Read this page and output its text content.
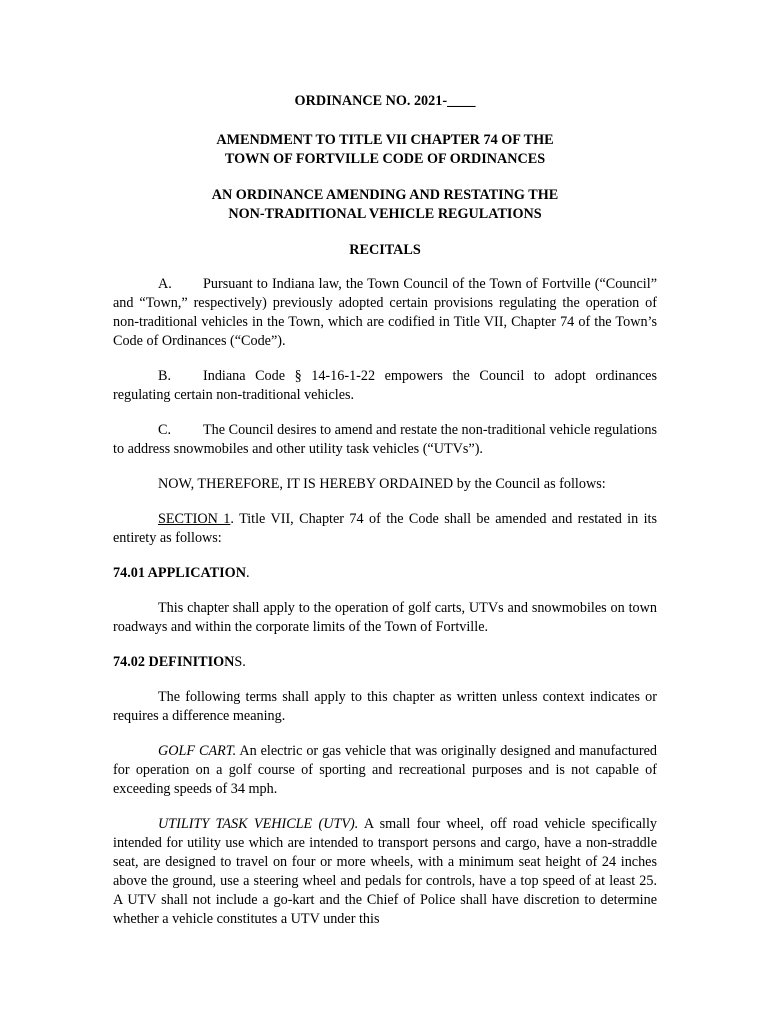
ORDINANCE NO. 2021-____
AMENDMENT TO TITLE VII CHAPTER 74 OF THE
TOWN OF FORTVILLE CODE OF ORDINANCES
AN ORDINANCE AMENDING AND RESTATING THE
NON-TRADITIONAL VEHICLE REGULATIONS
RECITALS

A. Pursuant to Indiana law, the Town Council of the Town of Fortville (“Council” and “Town,” respectively) previously adopted certain provisions regulating the operation of non-traditional vehicles in the Town, which are codified in Title VII, Chapter 74 of the Town’s Code of Ordinances (“Code”).

B. Indiana Code § 14-16-1-22 empowers the Council to adopt ordinances regulating certain non-traditional vehicles.

C. The Council desires to amend and restate the non-traditional vehicle regulations to address snowmobiles and other utility task vehicles (“UTVs”).

NOW, THEREFORE, IT IS HEREBY ORDAINED by the Council as follows:

SECTION 1. Title VII, Chapter 74 of the Code shall be amended and restated in its entirety as follows:

74.01 APPLICATION.

This chapter shall apply to the operation of golf carts, UTVs and snowmobiles on town roadways and within the corporate limits of the Town of Fortville.

74.02 DEFINITIONS.

The following terms shall apply to this chapter as written unless context indicates or requires a difference meaning.

GOLF CART. An electric or gas vehicle that was originally designed and manufactured for operation on a golf course of sporting and recreational purposes and is not capable of exceeding speeds of 34 mph.

UTILITY TASK VEHICLE (UTV). A small four wheel, off road vehicle specifically intended for utility use which are intended to transport persons and cargo, have a non-straddle seat, are designed to travel on four or more wheels, with a minimum seat height of 24 inches above the ground, use a steering wheel and pedals for controls, have a top speed of at least 25. A UTV shall not include a go-kart and the Chief of Police shall have discretion to determine whether a vehicle constitutes a UTV under this
